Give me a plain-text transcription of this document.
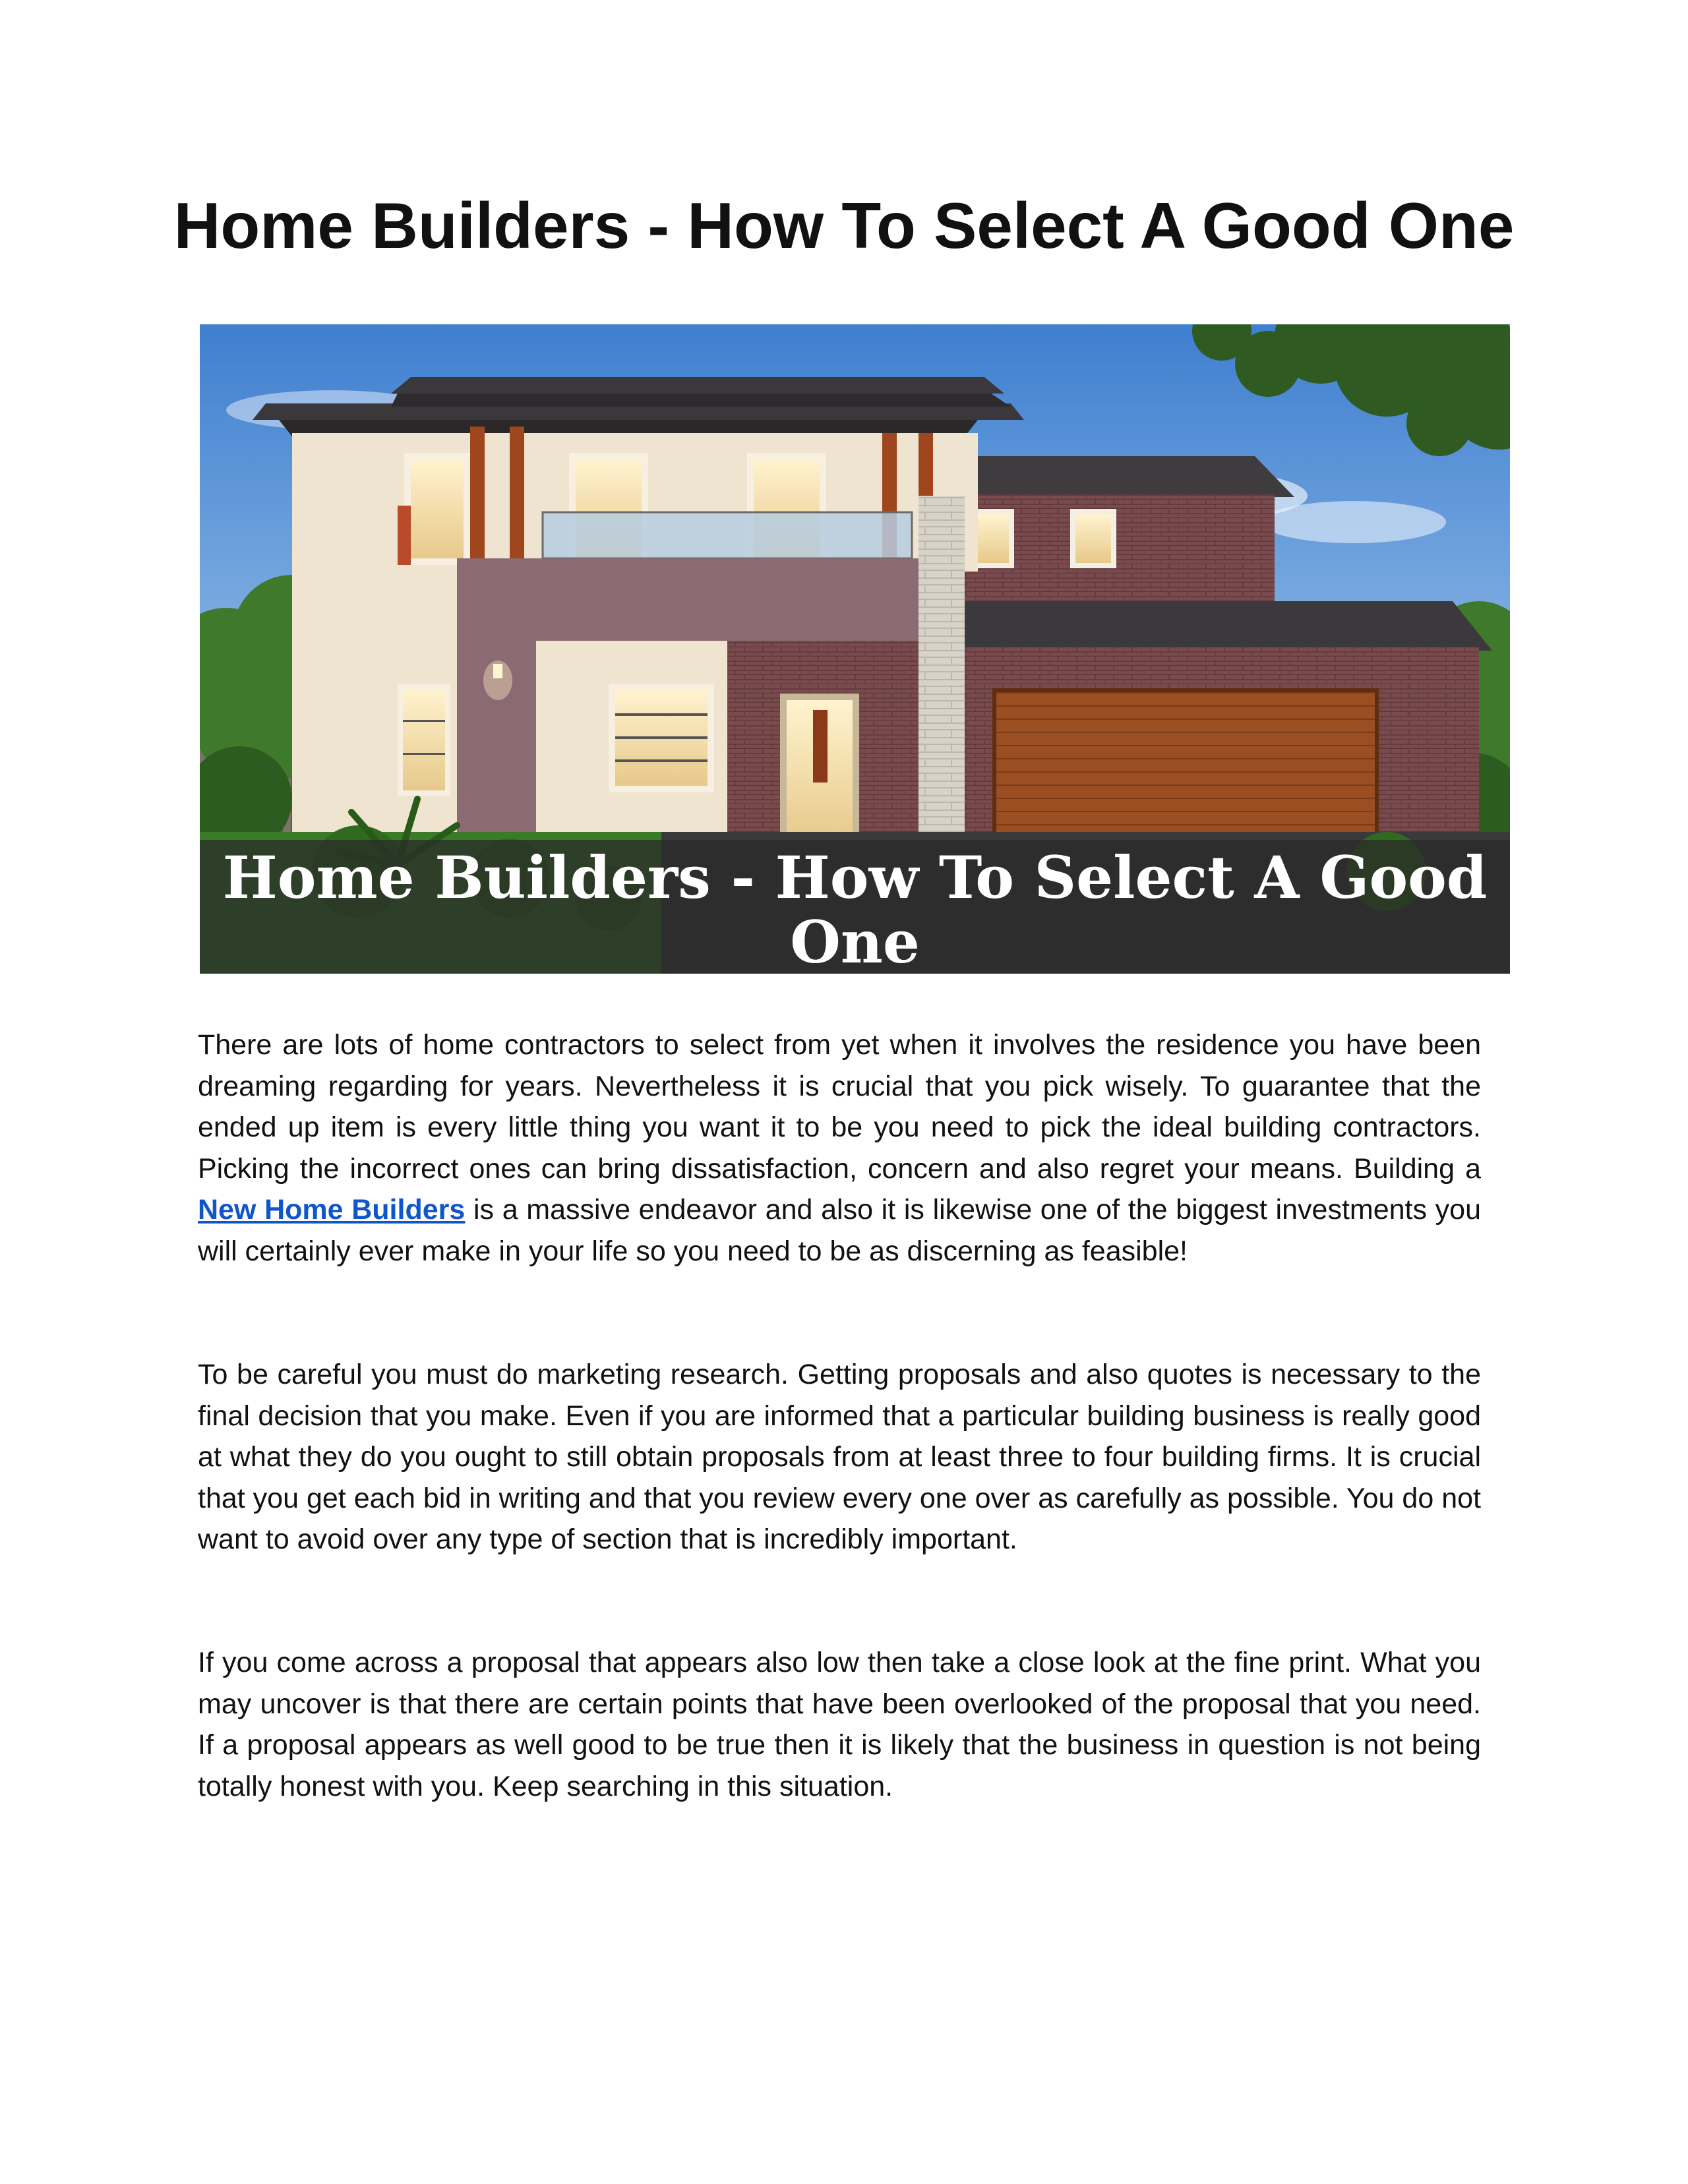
Home Builders - How To Select A Good One
Home Builders - How To Select A Good One

There are lots of home contractors to select from yet when it involves the residence you have been dreaming regarding for years. Nevertheless it is crucial that you pick wisely. To guarantee that the ended up item is every little thing you want it to be you need to pick the ideal building contractors. Picking the incorrect ones can bring dissatisfaction, concern and also regret your means. Building a New Home Builders is a massive endeavor and also it is likewise one of the biggest investments you will certainly ever make in your life so you need to be as discerning as feasible!

To be careful you must do marketing research. Getting proposals and also quotes is necessary to the final decision that you make. Even if you are informed that a particular building business is really good at what they do you ought to still obtain proposals from at least three to four building firms. It is crucial that you get each bid in writing and that you review every one over as carefully as possible. You do not want to avoid over any type of section that is incredibly important.

If you come across a proposal that appears also low then take a close look at the fine print. What you may uncover is that there are certain points that have been overlooked of the proposal that you need. If a proposal appears as well good to be true then it is likely that the business in question is not being totally honest with you. Keep searching in this situation.
